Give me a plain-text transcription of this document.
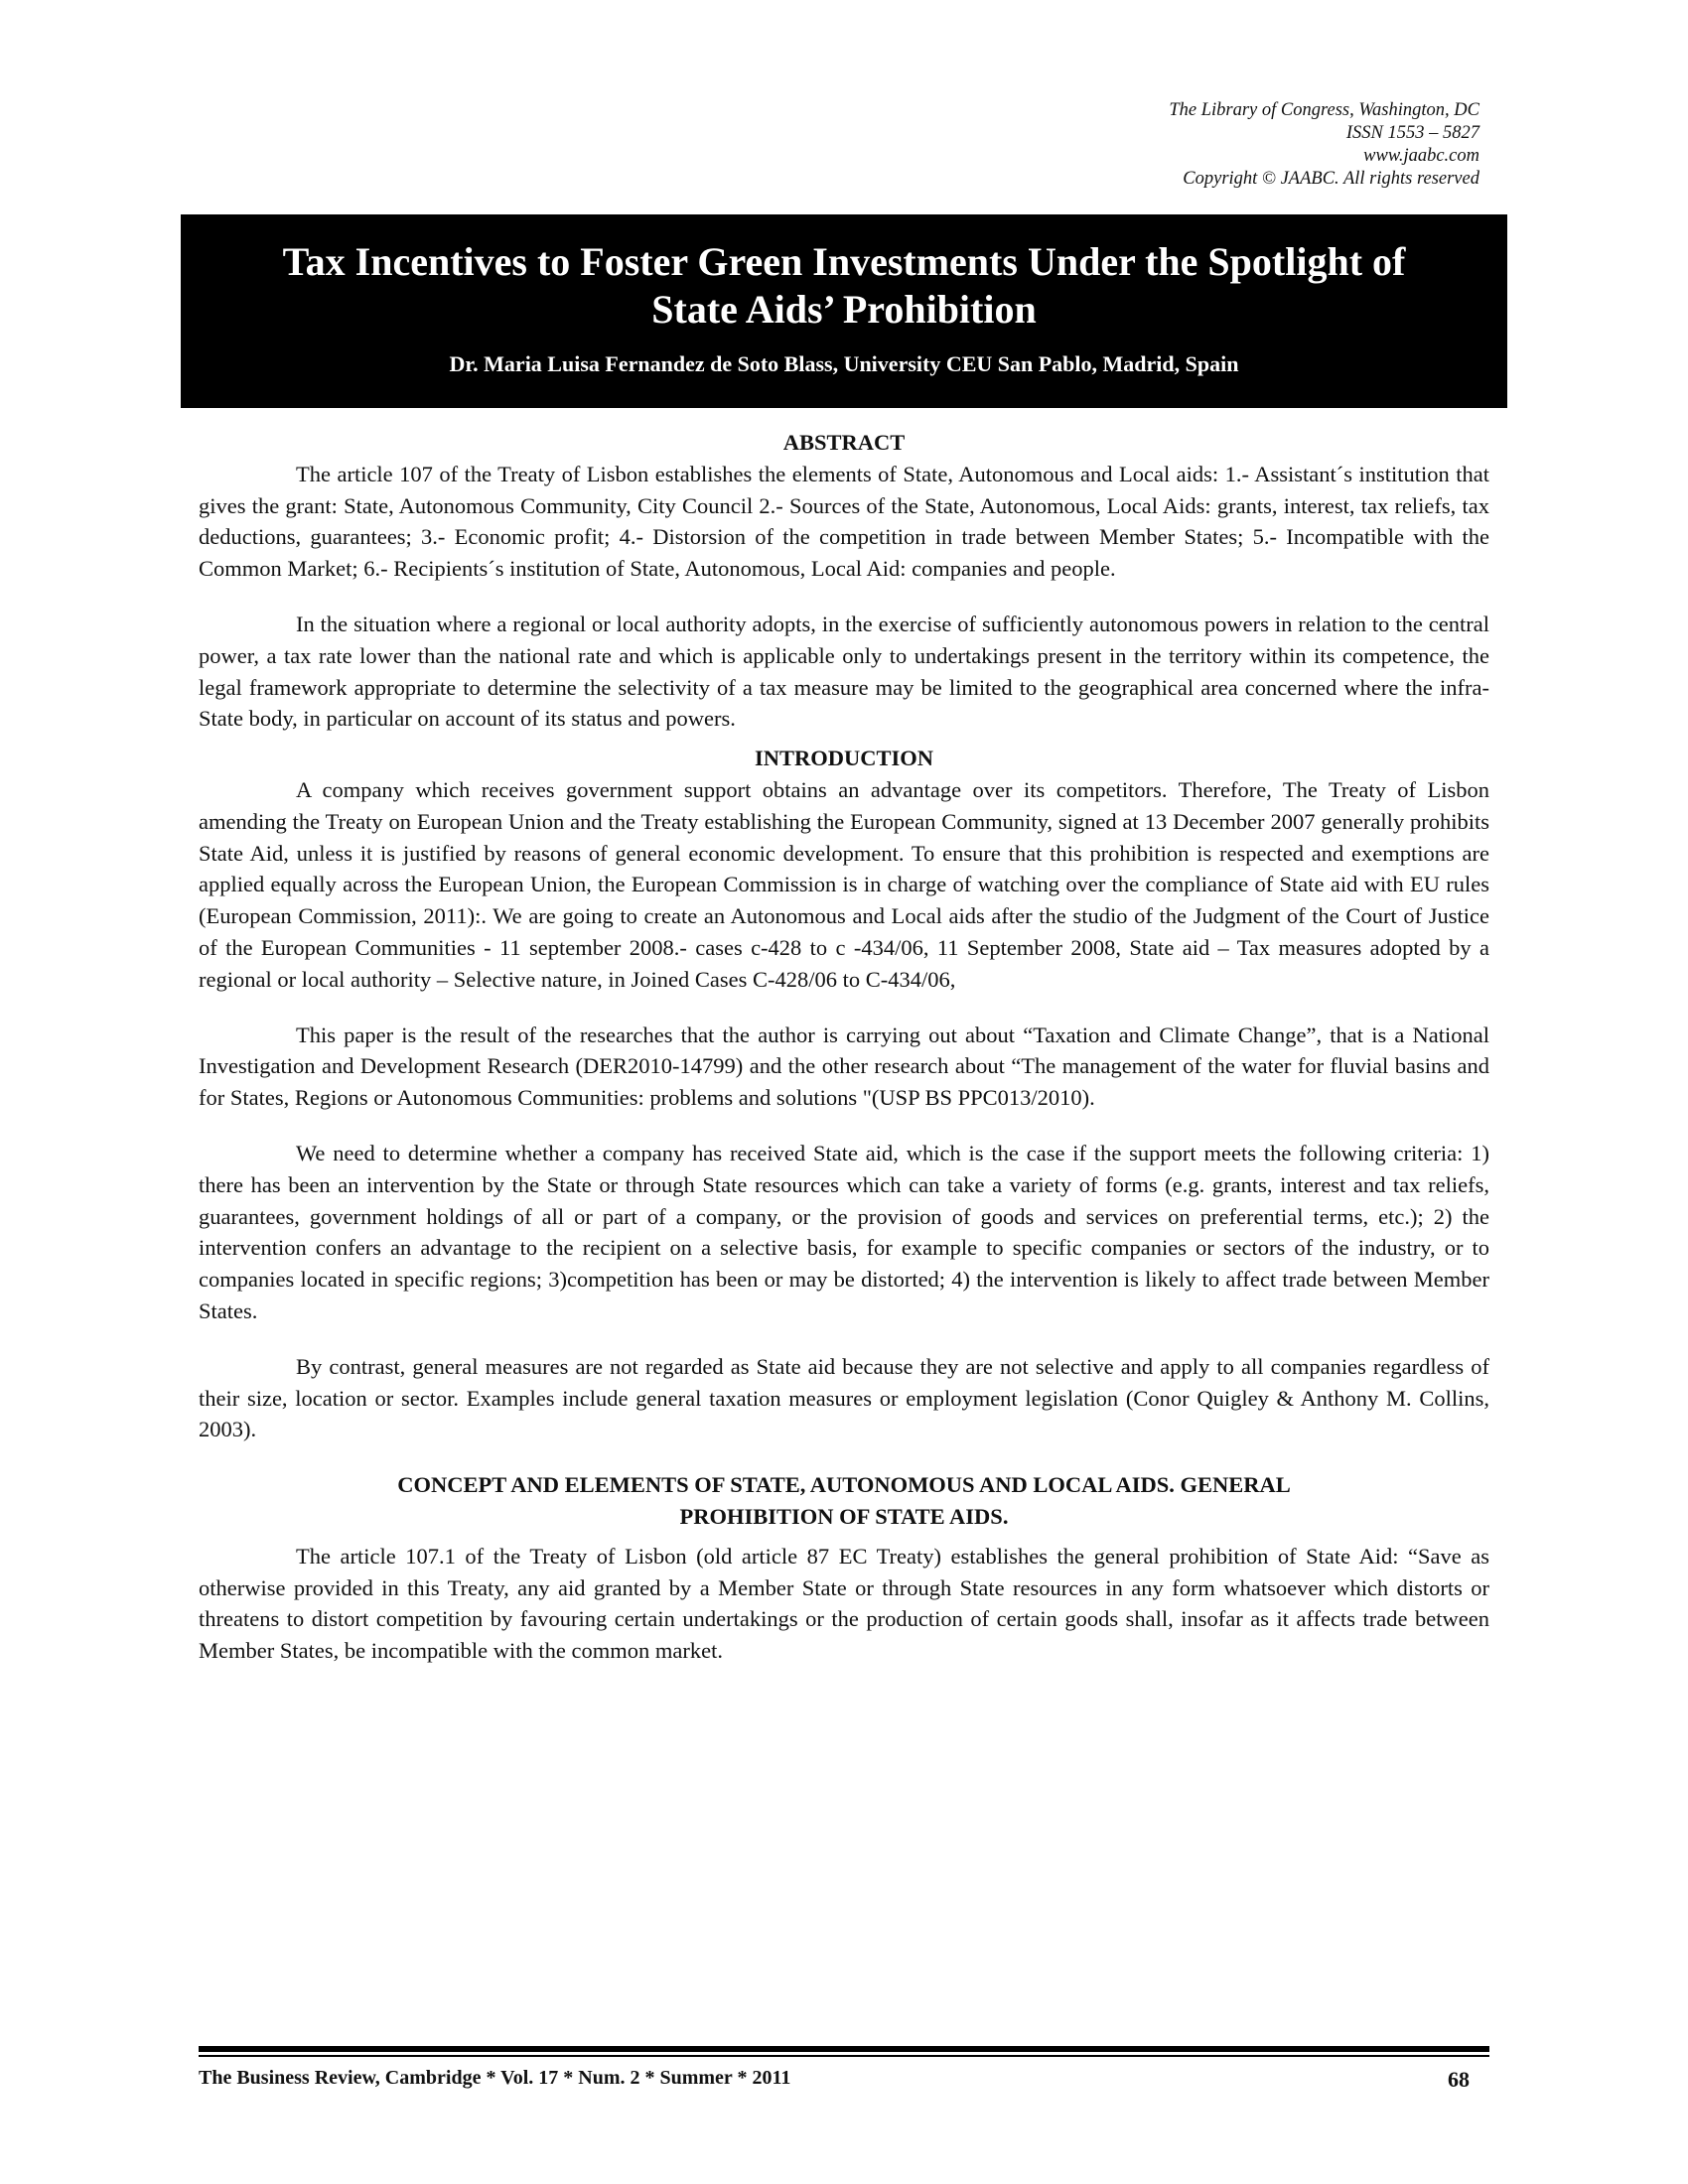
The Library of Congress, Washington, DC
ISSN 1553 – 5827
www.jaabc.com
Copyright © JAABC. All rights reserved
Tax Incentives to Foster Green Investments Under the Spotlight of
State Aids’ Prohibition
Dr. Maria Luisa Fernandez de Soto Blass, University CEU San Pablo, Madrid, Spain
ABSTRACT

The article 107 of the Treaty of Lisbon establishes the elements of State, Autonomous and Local aids: 1.- Assistant´s institution that gives the grant: State, Autonomous Community, City Council 2.- Sources of the State, Autonomous, Local Aids: grants, interest, tax reliefs, tax deductions, guarantees; 3.- Economic profit; 4.- Distorsion of the competition in trade between Member States; 5.- Incompatible with the Common Market; 6.- Recipients´s institution of State, Autonomous, Local Aid: companies and people.

In the situation where a regional or local authority adopts, in the exercise of sufficiently autonomous powers in relation to the central power, a tax rate lower than the national rate and which is applicable only to undertakings present in the territory within its competence, the legal framework appropriate to determine the selectivity of a tax measure may be limited to the geographical area concerned where the infra-State body, in particular on account of its status and powers.

INTRODUCTION

A company which receives government support obtains an advantage over its competitors. Therefore, The Treaty of Lisbon amending the Treaty on European Union and the Treaty establishing the European Community, signed at 13 December 2007 generally prohibits State Aid, unless it is justified by reasons of general economic development. To ensure that this prohibition is respected and exemptions are applied equally across the European Union, the European Commission is in charge of watching over the compliance of State aid with EU rules (European Commission, 2011):. We are going to create an Autonomous and Local aids after the studio of the Judgment of the Court of Justice of the European Communities - 11 september 2008.- cases c-428 to c -434/06, 11 September 2008, State aid – Tax measures adopted by a regional or local authority – Selective nature, in Joined Cases C-428/06 to C-434/06,

This paper is the result of the researches that the author is carrying out about “Taxation and Climate Change”, that is a National Investigation and Development Research (DER2010-14799) and the other research about “The management of the water for fluvial basins and for States, Regions or Autonomous Communities: problems and solutions "(USP BS PPC013/2010).

We need to determine whether a company has received State aid, which is the case if the support meets the following criteria: 1) there has been an intervention by the State or through State resources which can take a variety of forms (e.g. grants, interest and tax reliefs, guarantees, government holdings of all or part of a company, or the provision of goods and services on preferential terms, etc.); 2) the intervention confers an advantage to the recipient on a selective basis, for example to specific companies or sectors of the industry, or to companies located in specific regions; 3)competition has been or may be distorted; 4) the intervention is likely to affect trade between Member States.

By contrast, general measures are not regarded as State aid because they are not selective and apply to all companies regardless of their size, location or sector. Examples include general taxation measures or employment legislation (Conor Quigley & Anthony M. Collins, 2003).

CONCEPT AND ELEMENTS OF STATE, AUTONOMOUS AND LOCAL AIDS. GENERAL
PROHIBITION OF STATE AIDS.

The article 107.1 of the Treaty of Lisbon (old article 87 EC Treaty) establishes the general prohibition of State Aid: “Save as otherwise provided in this Treaty, any aid granted by a Member State or through State resources in any form whatsoever which distorts or threatens to distort competition by favouring certain undertakings or the production of certain goods shall, insofar as it affects trade between Member States, be incompatible with the common market.

The Business Review, Cambridge * Vol. 17 * Num. 2 * Summer * 2011	68
